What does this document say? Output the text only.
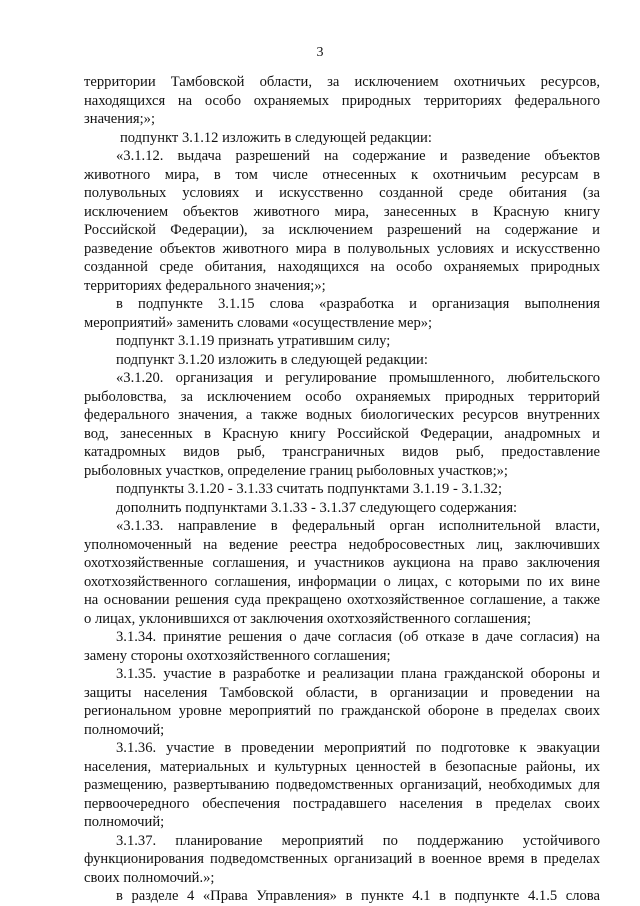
3
территории Тамбовской области, за исключением охотничьих ресурсов,
находящихся на особо охраняемых природных территориях федерального
значения;»;
подпункт 3.1.12 изложить в следующей редакции:
«3.1.12. выдача разрешений на содержание и разведение объектов
животного мира, в том числе отнесенных к охотничьим ресурсам в
полувольных условиях и искусственно созданной среде обитания (за
исключением объектов животного мира, занесенных в Красную книгу
Российской Федерации), за исключением разрешений на содержание и
разведение объектов животного мира в полувольных условиях и искусственно
созданной среде обитания, находящихся на особо охраняемых природных
территориях федерального значения;»;
в подпункте 3.1.15 слова «разработка и организация выполнения
мероприятий» заменить словами «осуществление мер»;
подпункт 3.1.19 признать утратившим силу;
подпункт 3.1.20 изложить в следующей редакции:
«3.1.20. организация и регулирование промышленного, любительского
рыболовства, за исключением особо охраняемых природных территорий
федерального значения, а также водных биологических ресурсов внутренних
вод, занесенных в Красную книгу Российской Федерации, анадромных и
катадромных видов рыб, трансграничных видов рыб, предоставление
рыболовных участков, определение границ рыболовных участков;»;
подпункты 3.1.20 - 3.1.33 считать подпунктами 3.1.19 - 3.1.32;
дополнить подпунктами 3.1.33 - 3.1.37 следующего содержания:
«3.1.33. направление в федеральный орган исполнительной власти,
уполномоченный на ведение реестра недобросовестных лиц, заключивших
охотхозяйственные соглашения, и участников аукциона на право заключения
охотхозяйственного соглашения, информации о лицах, с которыми по их вине
на основании решения суда прекращено охотхозяйственное соглашение, а также
о лицах, уклонившихся от заключения охотхозяйственного соглашения;
3.1.34. принятие решения о даче согласия (об отказе в даче согласия) на
замену стороны охотхозяйственного соглашения;
3.1.35. участие в разработке и реализации плана гражданской обороны и
защиты населения Тамбовской области, в организации и проведении на
региональном уровне мероприятий по гражданской обороне в пределах своих
полномочий;
3.1.36. участие в проведении мероприятий по подготовке к эвакуации
населения, материальных и культурных ценностей в безопасные районы, их
размещению, развертыванию подведомственных организаций, необходимых для
первоочередного обеспечения пострадавшего населения в пределах своих
полномочий;
3.1.37. планирование мероприятий по поддержанию устойчивого
функционирования подведомственных организаций в военное время в пределах
своих полномочий.»;
в разделе 4 «Права Управления» в пункте 4.1 в подпункте 4.1.5 слова
